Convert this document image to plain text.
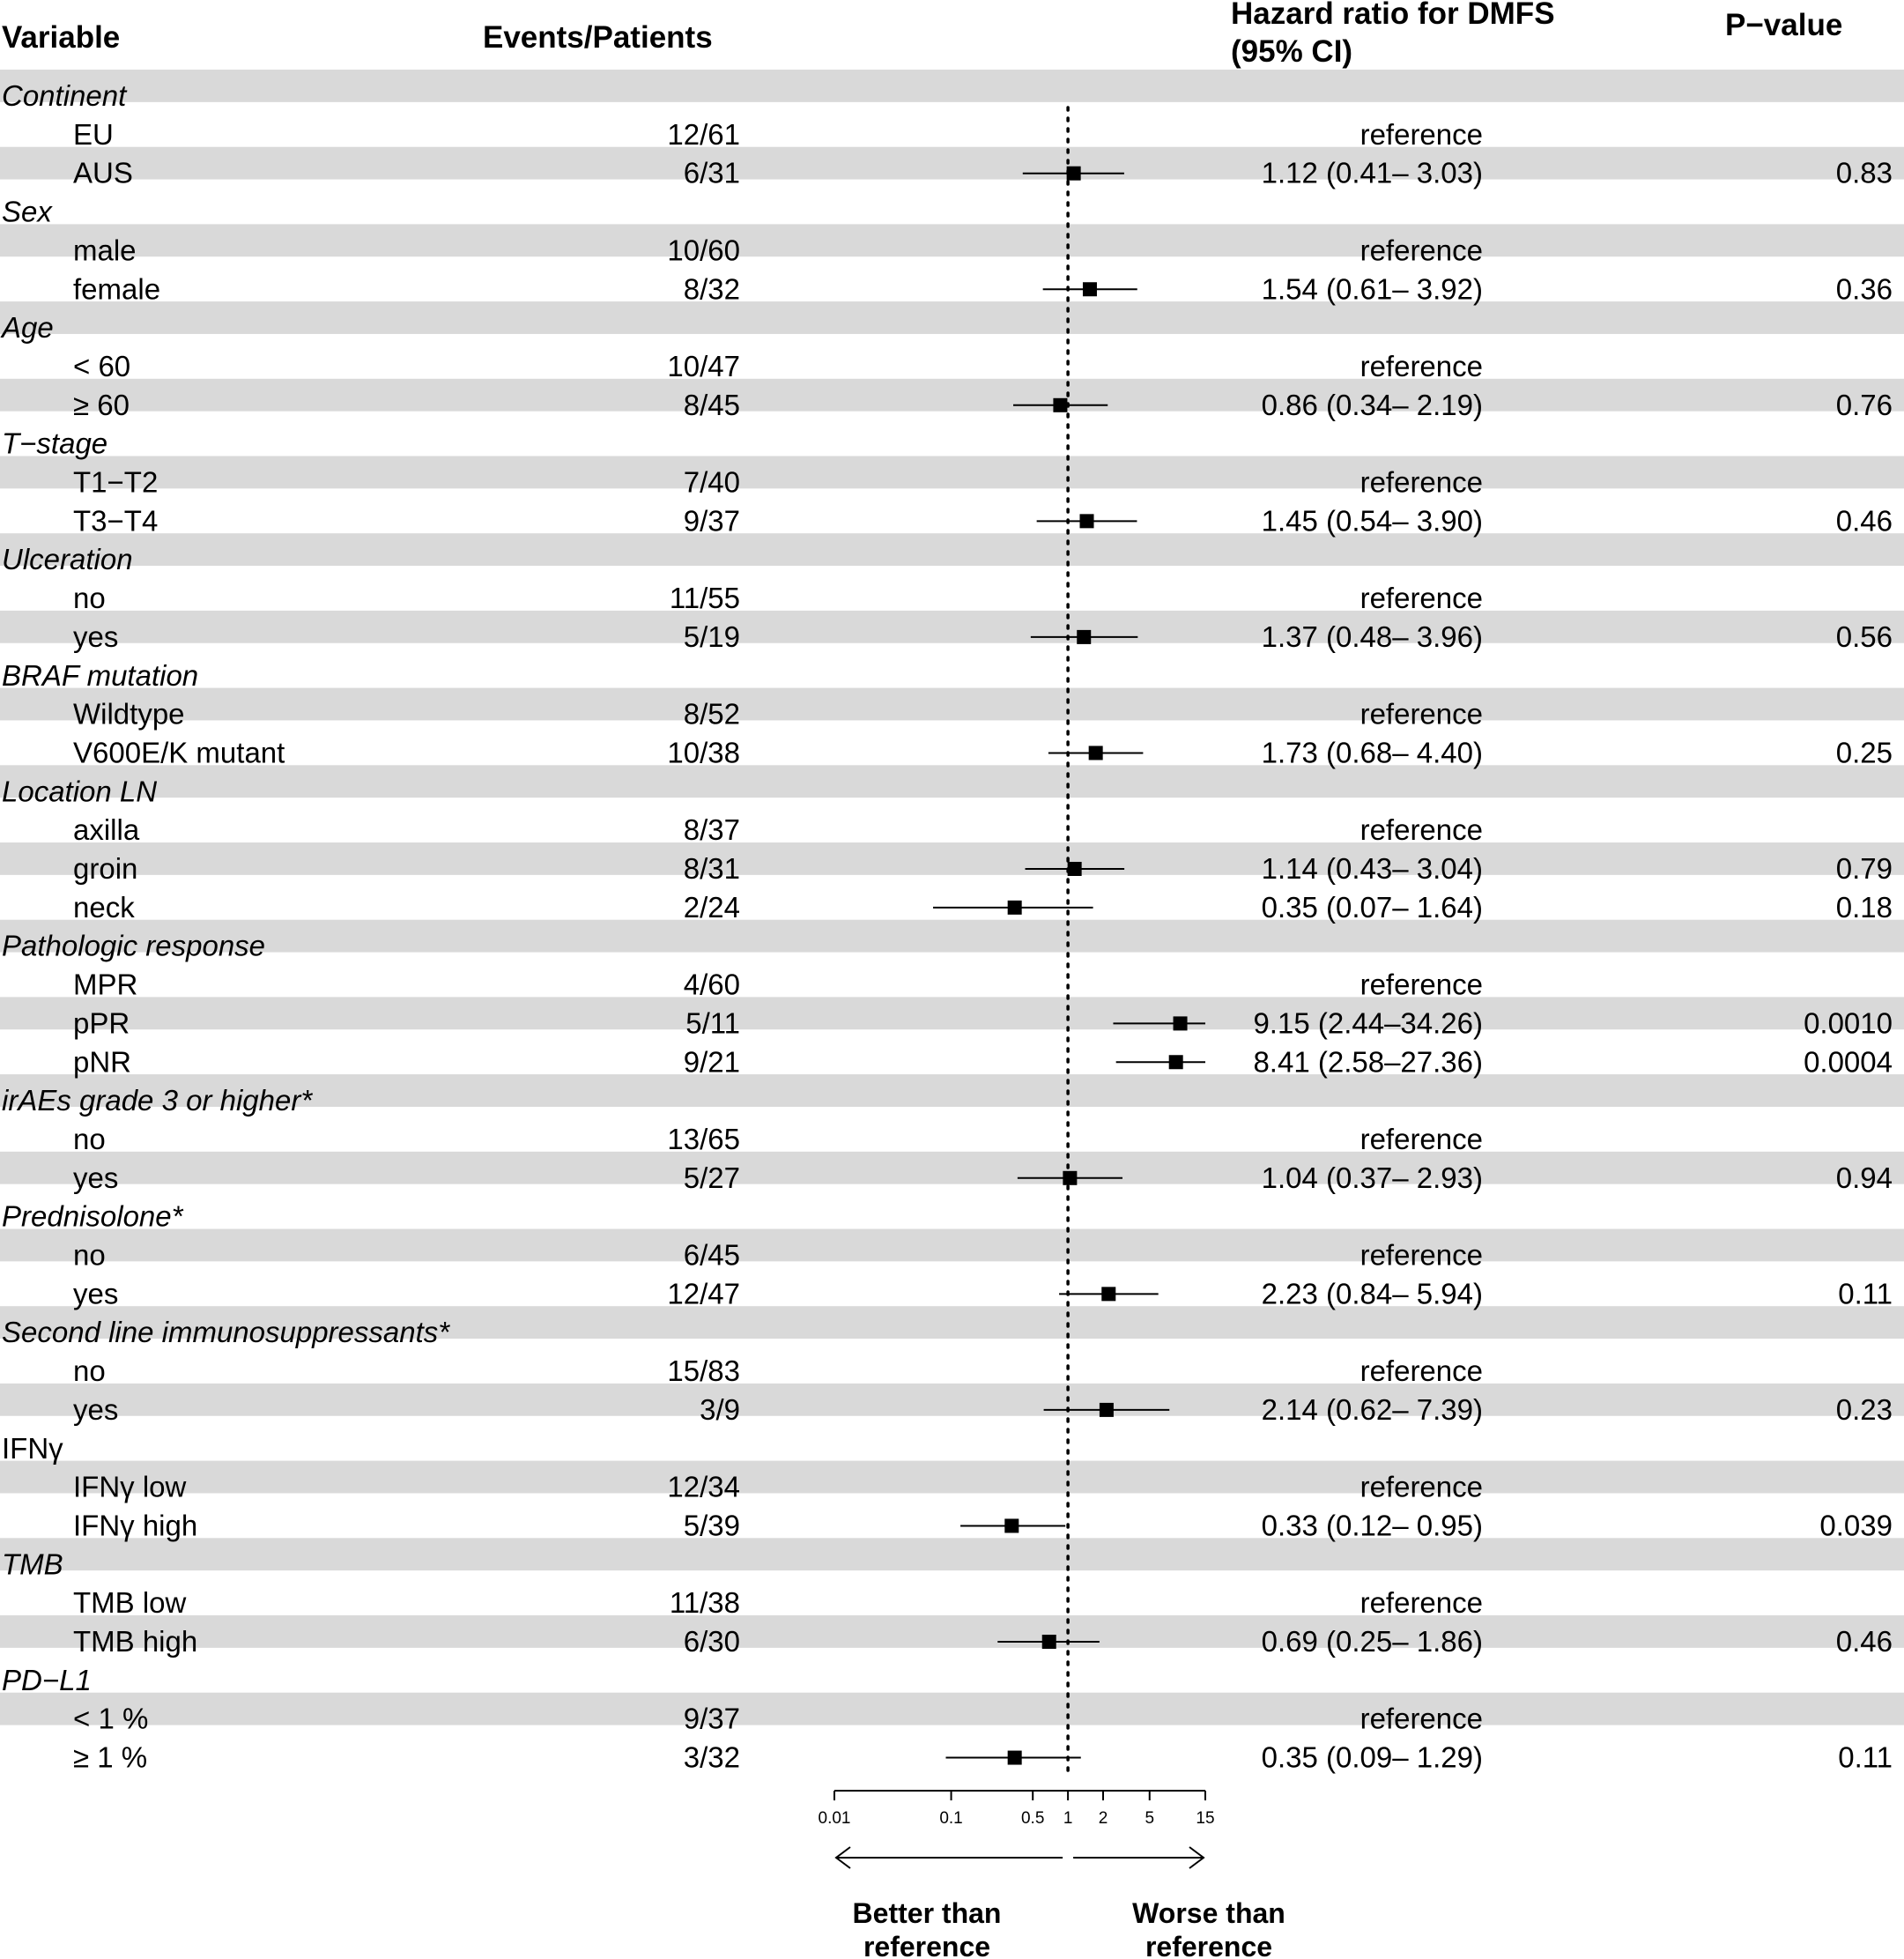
Variable	Events/Patients
Hazard ratio for DMFS
(95% CI)
P−value
Continent
EU	12/61	reference
AUS	6/31	1.12 (0.41– 3.03)	0.83
Sex
male	10/60	reference
female	8/32	1.54 (0.61– 3.92)	0.36
Age
< 60	10/47	reference
≥ 60	8/45	0.86 (0.34– 2.19)	0.76
T−stage
T1−T2	7/40	reference
T3−T4	9/37	1.45 (0.54– 3.90)	0.46
Ulceration
no	11/55	reference
yes	5/19	1.37 (0.48– 3.96)	0.56
BRAF mutation
Wildtype	8/52	reference
V600E/K mutant	10/38	1.73 (0.68– 4.40)	0.25
Location LN
axilla	8/37	reference
groin	8/31	1.14 (0.43– 3.04)	0.79
neck	2/24	0.35 (0.07– 1.64)	0.18
Pathologic response
MPR	4/60	reference
pPR	5/11	9.15 (2.44–34.26)	0.0010
pNR	9/21	8.41 (2.58–27.36)	0.0004
irAEs grade 3 or higher*
no	13/65	reference
yes	5/27	1.04 (0.37– 2.93)	0.94
Prednisolone*
no	6/45	reference
yes	12/47	2.23 (0.84– 5.94)	0.11
Second line immunosuppressants*
no	15/83	reference
yes	3/9	2.14 (0.62– 7.39)	0.23
IFNγ
IFNγ low	12/34	reference
IFNγ high	5/39	0.33 (0.12– 0.95)	0.039
TMB
TMB low	11/38	reference
TMB high	6/30	0.69 (0.25– 1.86)	0.46
PD−L1
< 1 %	9/37	reference
≥ 1 %	3/32	0.35 (0.09– 1.29)	0.11
0.01	0.1	0.5 1 2 5 15
Better than
reference
Worse than
reference
